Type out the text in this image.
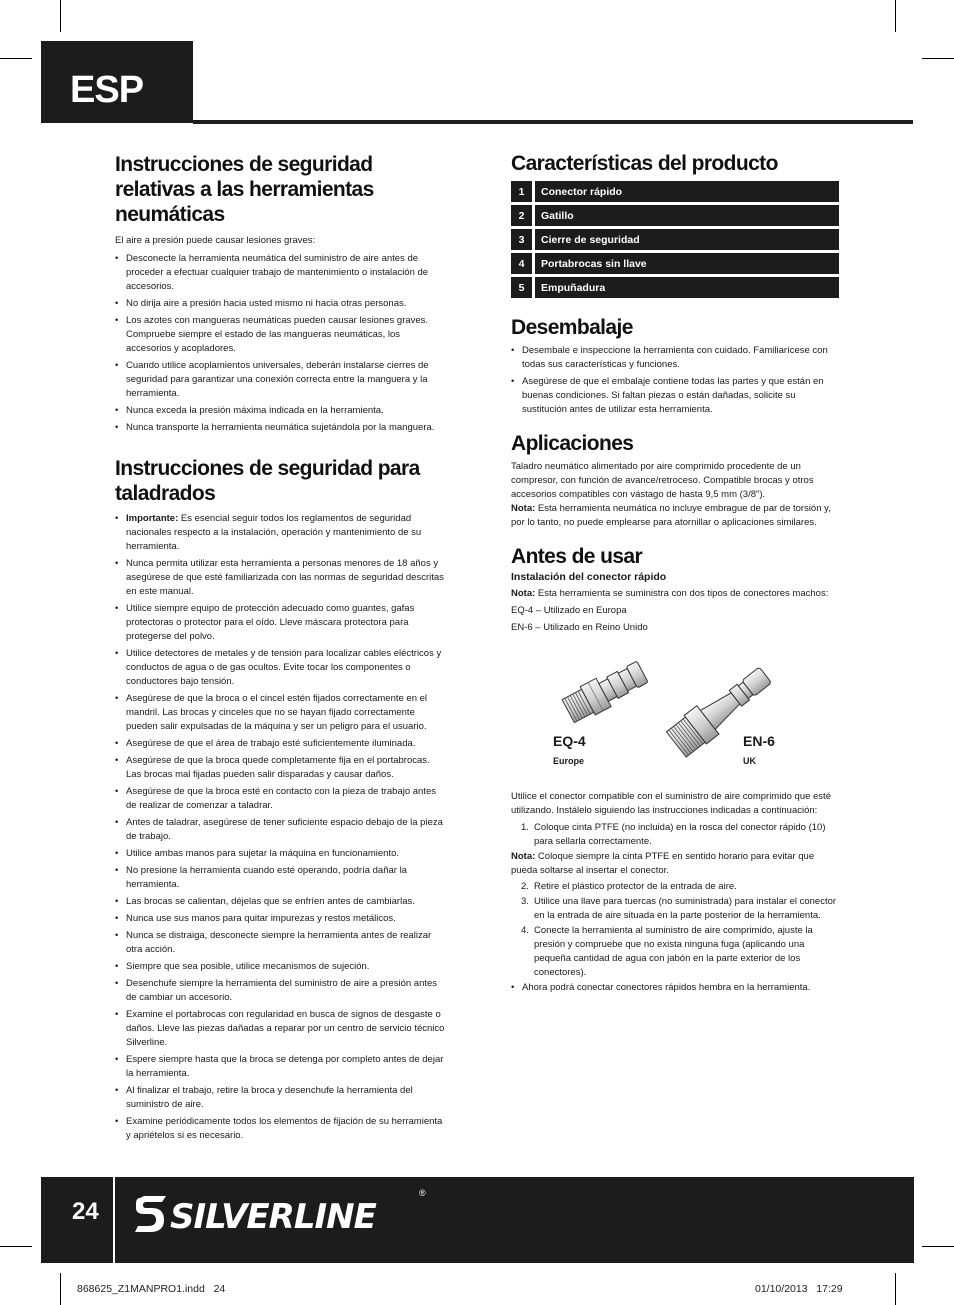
ESP
Instrucciones de seguridad relativas a las herramientas neumáticas

El aire a presión puede causar lesiones graves:

• Desconecte la herramienta neumática del suministro de aire antes de proceder a efectuar cualquier trabajo de mantenimiento o instalación de accesorios.
• No dirija aire a presión hacia usted mismo ni hacia otras personas.
• Los azotes con mangueras neumáticas pueden causar lesiones graves. Compruebe siempre el estado de las mangueras neumáticas, los accesorios y acopladores.
• Cuando utilice acoplamientos universales, deberán instalarse cierres de seguridad para garantizar una conexión correcta entre la manguera y la herramienta.
• Nunca exceda la presión máxima indicada en la herramienta.
• Nunca transporte la herramienta neumática sujetándola por la manguera.
Instrucciones de seguridad para taladrados
• Importante: Es esencial seguir todos los reglamentos de seguridad nacionales respecto a la instalación, operación y mantenimiento de su herramienta.
• Nunca permita utilizar esta herramienta a personas menores de 18 años y asegúrese de que esté familiarizada con las normas de seguridad descritas en este manual.
• Utilice siempre equipo de protección adecuado como guantes, gafas protectoras o protector para el oído. Lleve máscara protectora para protegerse del polvo.
• Utilice detectores de metales y de tensión para localizar cables eléctricos y conductos de agua o de gas ocultos. Evite tocar los componentes o conductores bajo tensión.
• Asegúrese de que la broca o el cincel estén fijados correctamente en el mandril. Las brocas y cinceles que no se hayan fijado correctamente pueden salir expulsadas de la máquina y ser un peligro para el usuario.
• Asegúrese de que el área de trabajo esté suficientemente iluminada.
• Asegúrese de que la broca quede completamente fija en el portabrocas. Las brocas mal fijadas pueden salir disparadas y causar daños.
• Asegúrese de que la broca esté en contacto con la pieza de trabajo antes de realizar de comenzar a taladrar.
• Antes de taladrar, asegúrese de tener suficiente espacio debajo de la pieza de trabajo.
• Utilice ambas manos para sujetar la máquina en funcionamiento.
• No presione la herramienta cuando esté operando, podría dañar la herramienta.
• Las brocas se calientan, déjelas que se enfríen antes de cambiarlas.
• Nunca use sus manos para quitar impurezas y restos metálicos.
• Nunca se distraiga, desconecte siempre la herramienta antes de realizar otra acción.
• Siempre que sea posible, utilice mecanismos de sujeción.
• Desenchufe siempre la herramienta del suministro de aire a presión antes de cambiar un accesorio.
• Examine el portabrocas con regularidad en busca de signos de desgaste o daños. Lleve las piezas dañadas a reparar por un centro de servicio técnico Silverline.
• Espere siempre hasta que la broca se detenga por completo antes de dejar la herramienta.
• Al finalizar el trabajo, retire la broca y desenchufe la herramienta del suministro de aire.
• Examine periódicamente todos los elementos de fijación de su herramienta y apriételos si es necesario.
Características del producto
1	Conector rápido
2	Gatillo
3	Cierre de seguridad
4	Portabrocas sin llave
5	Empuñadura
Desembalaje
• Desembale e inspeccione la herramienta con cuidado. Familiarícese con todas sus características y funciones.
• Asegúrese de que el embalaje contiene todas las partes y que están en buenas condiciones. Si faltan piezas o están dañadas, solicite su sustitución antes de utilizar esta herramienta.
Aplicaciones

Taladro neumático alimentado por aire comprimido procedente de un compresor, con función de avance/retroceso. Compatible brocas y otros accesorios compatibles con vástago de hasta 9,5 mm (3/8").

Nota: Esta herramienta neumática no incluye embrague de par de torsión y, por lo tanto, no puede emplearse para atornillar o aplicaciones similares.

Antes de usar

Instalación del conector rápido

Nota: Esta herramienta se suministra con dos tipos de conectores machos:

EQ-4 – Utilizado en Europa

EN-6 – Utilizado en Reino Unido

EQ-4
Europe
EN-6
UK

Utilice el conector compatible con el suministro de aire comprimido que esté utilizando. Instálelo siguiendo las instrucciones indicadas a continuación:

1. Coloque cinta PTFE (no incluida) en la rosca del conector rápido (10) para sellarla correctamente.

Nota: Coloque siempre la cinta PTFE en sentido horario para evitar que pueda soltarse al insertar el conector.

2. Retire el plástico protector de la entrada de aire.
3. Utilice una llave para tuercas (no suministrada) para instalar el conector en la entrada de aire situada en la parte posterior de la herramienta.
4. Conecte la herramienta al suministro de aire comprimido, ajuste la presión y compruebe que no exista ninguna fuga (aplicando una pequeña cantidad de agua con jabón en la parte exterior de los conectores).
• Ahora podrá conectar conectores rápidos hembra en la herramienta.
24 SILVERLINE
®
868625_Z1MANPRO1.indd   24	01/10/2013   17:29
